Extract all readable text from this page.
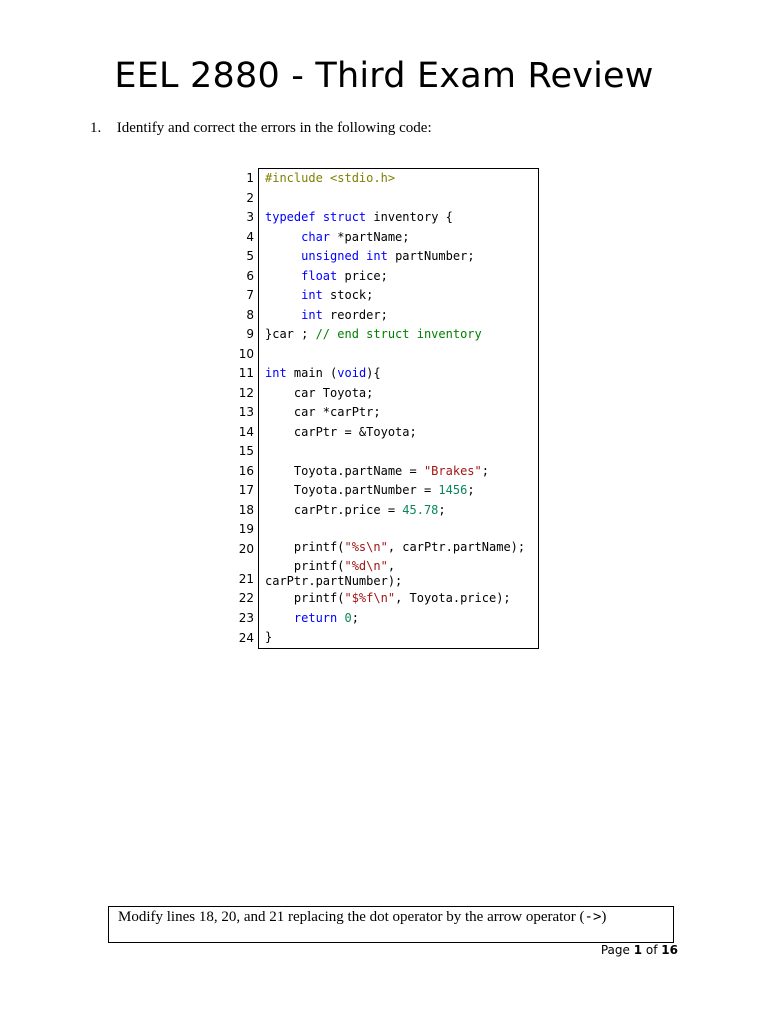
EEL 2880 - Third Exam Review
1. Identify and correct the errors in the following code:
1	#include <stdio.h>

2	

3	typedef struct inventory {

4	char *partName;

5	unsigned int partNumber;

6	float price;

7	int stock;

8	int reorder;

9	}car ; // end struct inventory

10	

11	int main (void){

12	car Toyota;

13	car *carPtr;

14	carPtr = &Toyota;

15	

16	Toyota.partName = "Brakes";

17	Toyota.partNumber = 1456;

18	carPtr.price = 45.78;

19	

20	printf("%s\n", carPtr.partName);

21	printf("%d\n", carPtr.partNumber);

22	printf("$%f\n", Toyota.price);

23	return 0;

24	}
Modify lines 18, 20, and 21 replacing the dot operator by the arrow operator (->)
Page 1 of 16
